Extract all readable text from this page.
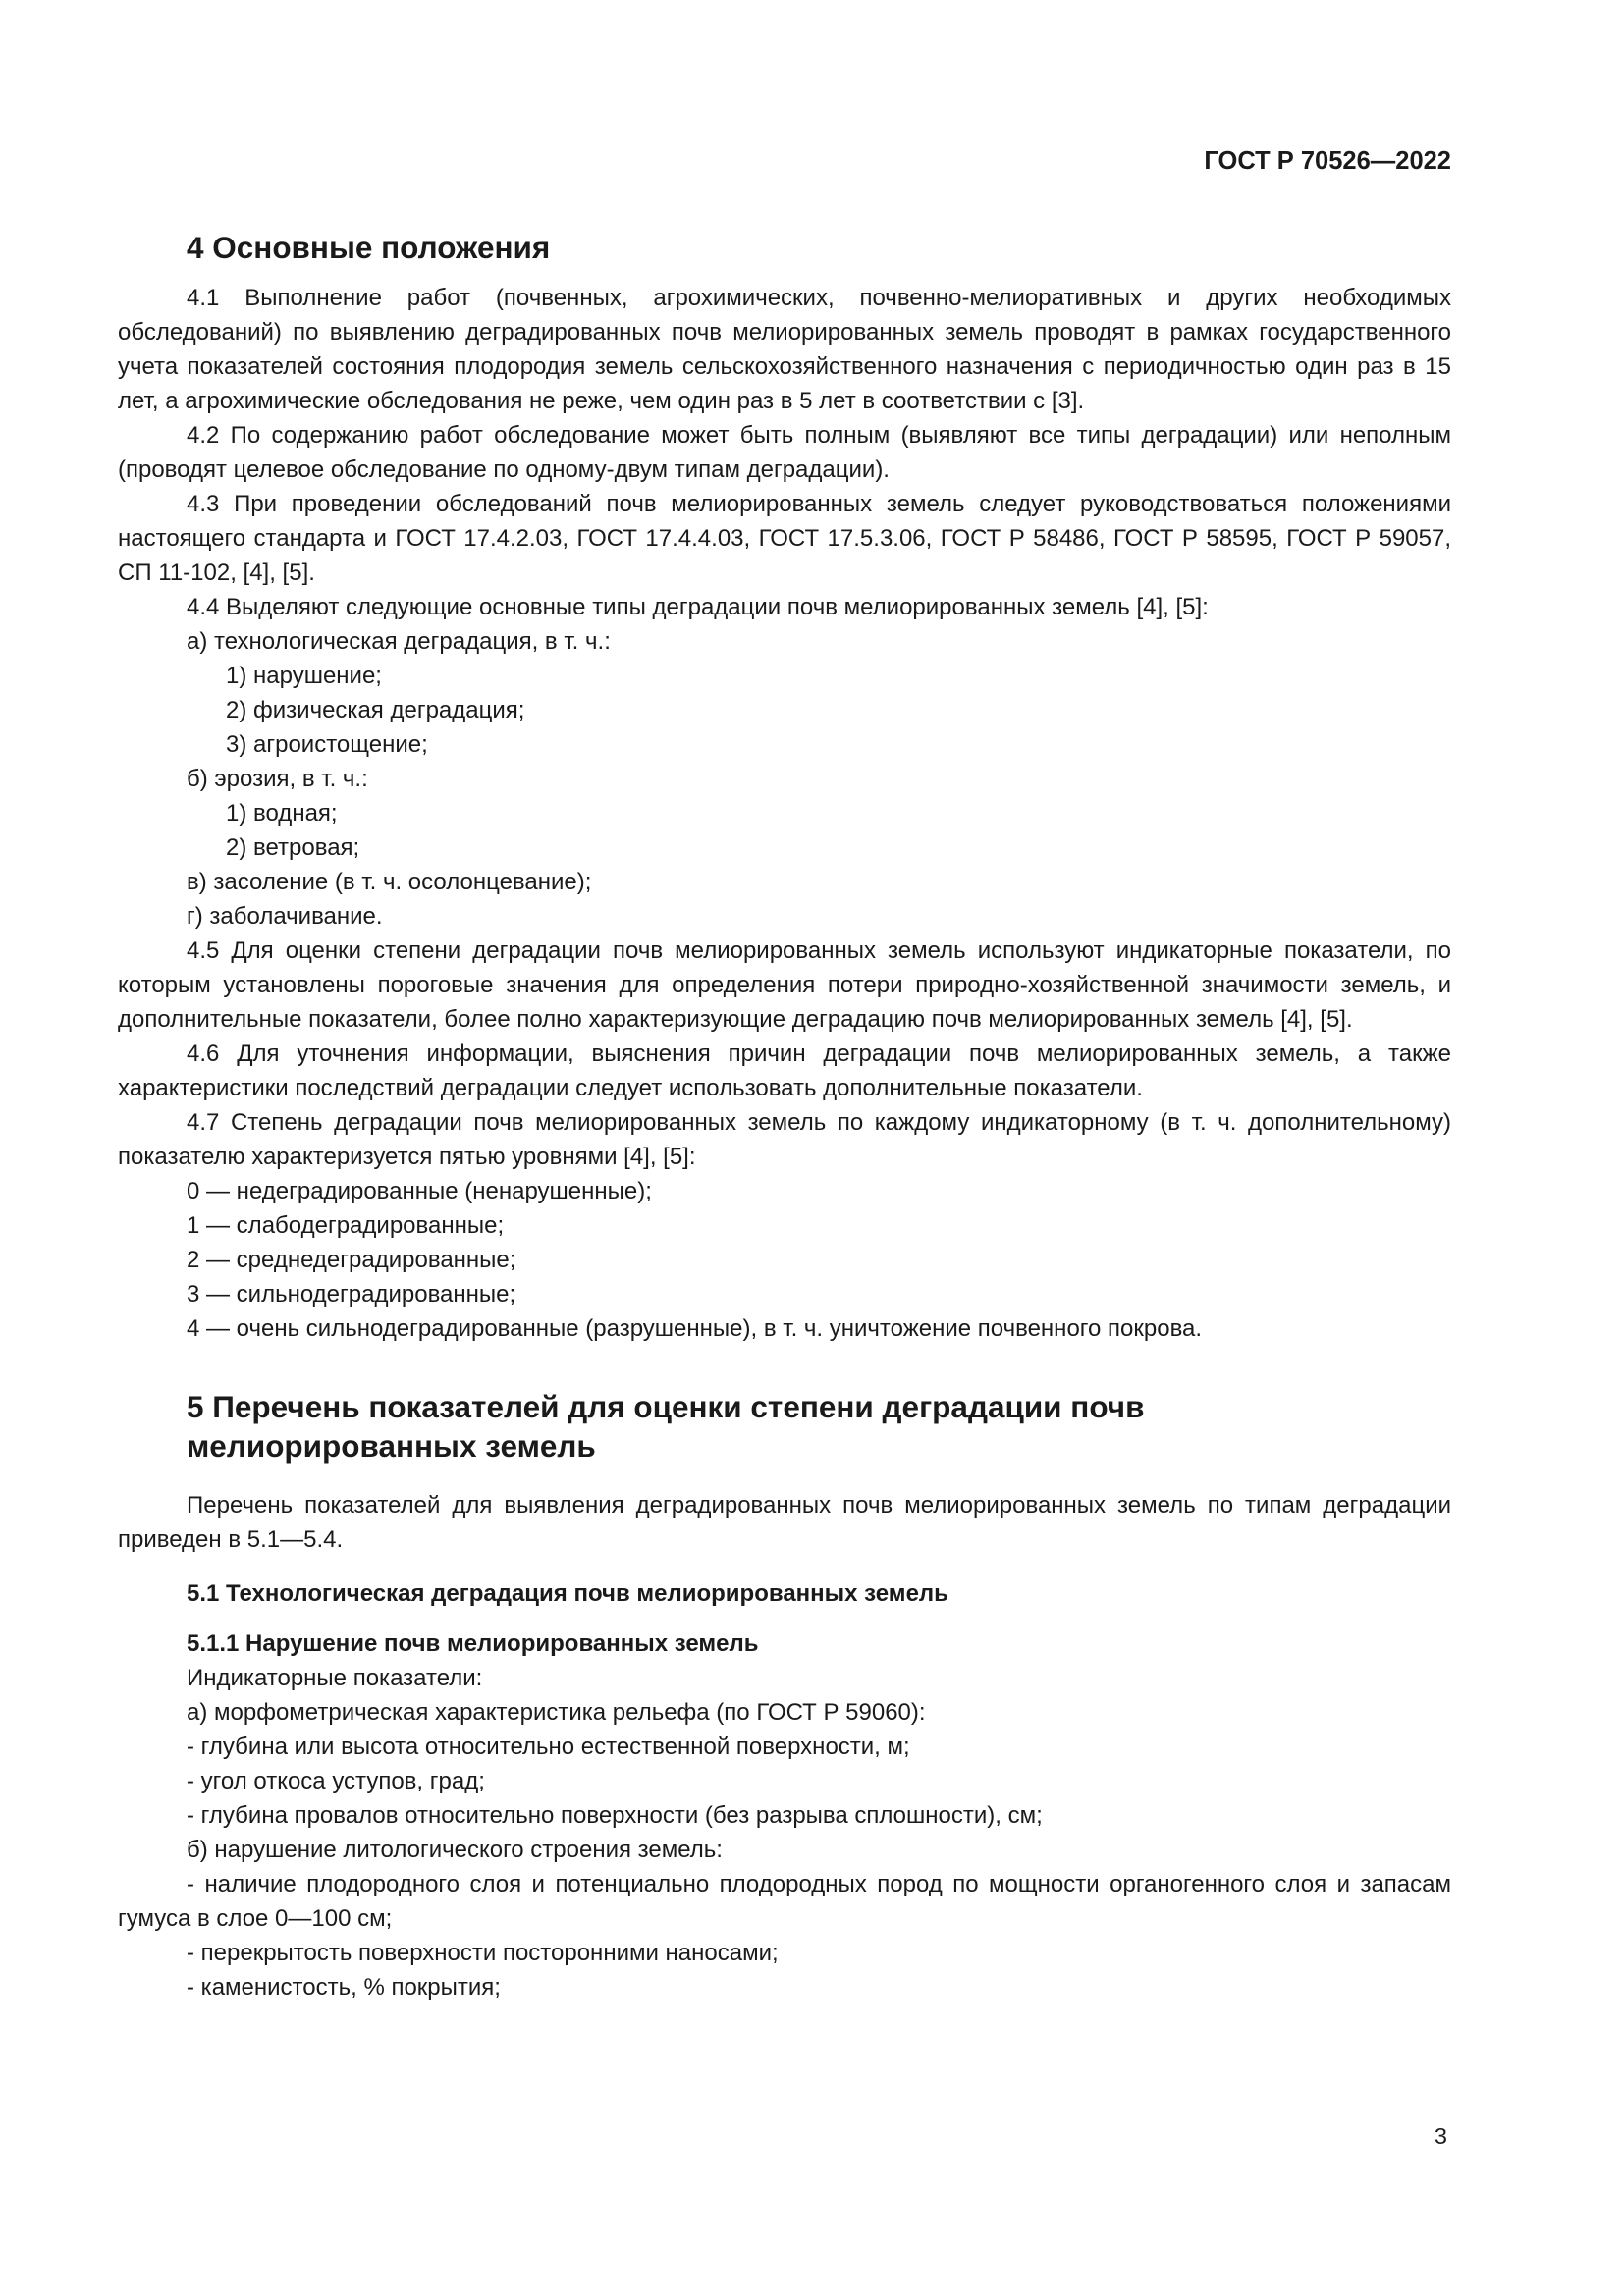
ГОСТ Р 70526—2022
4 Основные положения

4.1 Выполнение работ (почвенных, агрохимических, почвенно-мелиоративных и других необходимых обследований) по выявлению деградированных почв мелиорированных земель проводят в рамках государственного учета показателей состояния плодородия земель сельскохозяйственного назначения с периодичностью один раз в 15 лет, а агрохимические обследования не реже, чем один раз в 5 лет в соответствии с [3].

4.2 По содержанию работ обследование может быть полным (выявляют все типы деградации) или неполным (проводят целевое обследование по одному-двум типам деградации).

4.3 При проведении обследований почв мелиорированных земель следует руководствоваться положениями настоящего стандарта и ГОСТ 17.4.2.03, ГОСТ 17.4.4.03, ГОСТ 17.5.3.06, ГОСТ Р 58486, ГОСТ Р 58595, ГОСТ Р 59057, СП 11-102, [4], [5].

4.4 Выделяют следующие основные типы деградации почв мелиорированных земель [4], [5]:

а) технологическая деградация, в т. ч.:

1) нарушение;

2) физическая деградация;

3) агроистощение;

б) эрозия, в т. ч.:

1) водная;

2) ветровая;

в) засоление (в т. ч. осолонцевание);

г) заболачивание.

4.5 Для оценки степени деградации почв мелиорированных земель используют индикаторные показатели, по которым установлены пороговые значения для определения потери природно-хозяйственной значимости земель, и дополнительные показатели, более полно характеризующие деградацию почв мелиорированных земель [4], [5].

4.6 Для уточнения информации, выяснения причин деградации почв мелиорированных земель, а также характеристики последствий деградации следует использовать дополнительные показатели.

4.7 Степень деградации почв мелиорированных земель по каждому индикаторному (в т. ч. дополнительному) показателю характеризуется пятью уровнями [4], [5]:

0 — недеградированные (ненарушенные);

1 — слабодеградированные;

2 — среднедеградированные;

3 — сильнодеградированные;

4 — очень сильнодеградированные (разрушенные), в т. ч. уничтожение почвенного покрова.

5 Перечень показателей для оценки степени деградации почв
мелиорированных земель

Перечень показателей для выявления деградированных почв мелиорированных земель по типам деградации приведен в 5.1—5.4.

5.1 Технологическая деградация почв мелиорированных земель
5.1.1 Нарушение почв мелиорированных земель

Индикаторные показатели:

а) морфометрическая характеристика рельефа (по ГОСТ Р 59060):

- глубина или высота относительно естественной поверхности, м;

- угол откоса уступов, град;

- глубина провалов относительно поверхности (без разрыва сплошности), см;

б) нарушение литологического строения земель:

- наличие плодородного слоя и потенциально плодородных пород по мощности органогенного слоя и запасам гумуса в слое 0—100 см;

- перекрытость поверхности посторонними наносами;

- каменистость, % покрытия;

3
